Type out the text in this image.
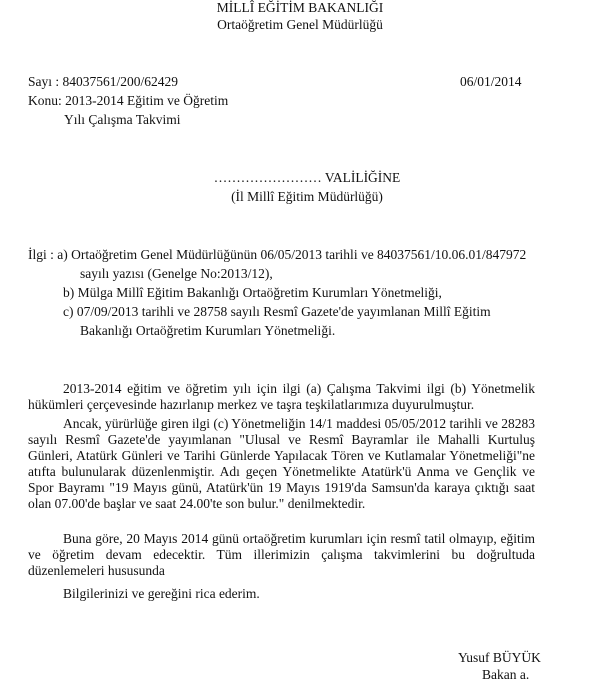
MİLLÎ EĞİTİM BAKANLIĞI
Ortaöğretim Genel Müdürlüğü
Sayı : 84037561/200/62429	06/01/2014
Konu: 2013-2014 Eğitim ve Öğretim
Yılı Çalışma Takvimi
…………………… VALİLİĞİNE
(İl Millî Eğitim Müdürlüğü)
İlgi : a) Ortaöğretim Genel Müdürlüğünün 06/05/2013 tarihli ve 84037561/10.06.01/847972
sayılı yazısı (Genelge No:2013/12),
b) Mülga Millî Eğitim Bakanlığı Ortaöğretim Kurumları Yönetmeliği,
c) 07/09/2013 tarihli ve 28758 sayılı Resmî Gazete'de yayımlanan Millî Eğitim
Bakanlığı Ortaöğretim Kurumları Yönetmeliği.
2013-2014 eğitim ve öğretim yılı için ilgi (a) Çalışma Takvimi ilgi (b) Yönetmelik
hükümleri çerçevesinde hazırlanıp merkez ve taşra teşkilatlarımıza duyurulmuştur.
Ancak, yürürlüğe giren ilgi (c) Yönetmeliğin 14/1 maddesi 05/05/2012 tarihli ve 28283
sayılı Resmî Gazete'de yayımlanan "Ulusal ve Resmî Bayramlar ile Mahalli Kurtuluş
Günleri, Atatürk Günleri ve Tarihi Günlerde Yapılacak Tören ve Kutlamalar Yönetmeliği"ne
atıfta bulunularak düzenlenmiştir. Adı geçen Yönetmelikte Atatürk'ü Anma ve Gençlik ve
Spor Bayramı "19 Mayıs günü, Atatürk'ün 19 Mayıs 1919'da Samsun'da karaya çıktığı saat
olan 07.00'de başlar ve saat 24.00'te son bulur." denilmektedir.
Buna göre, 20 Mayıs 2014 günü ortaöğretim kurumları için resmî tatil olmayıp, eğitim
ve öğretim devam edecektir. Tüm illerimizin çalışma takvimlerini bu doğrultuda
düzenlemeleri hususunda
Bilgilerinizi ve gereğini rica ederim.
Yusuf BÜYÜK
Bakan a.
